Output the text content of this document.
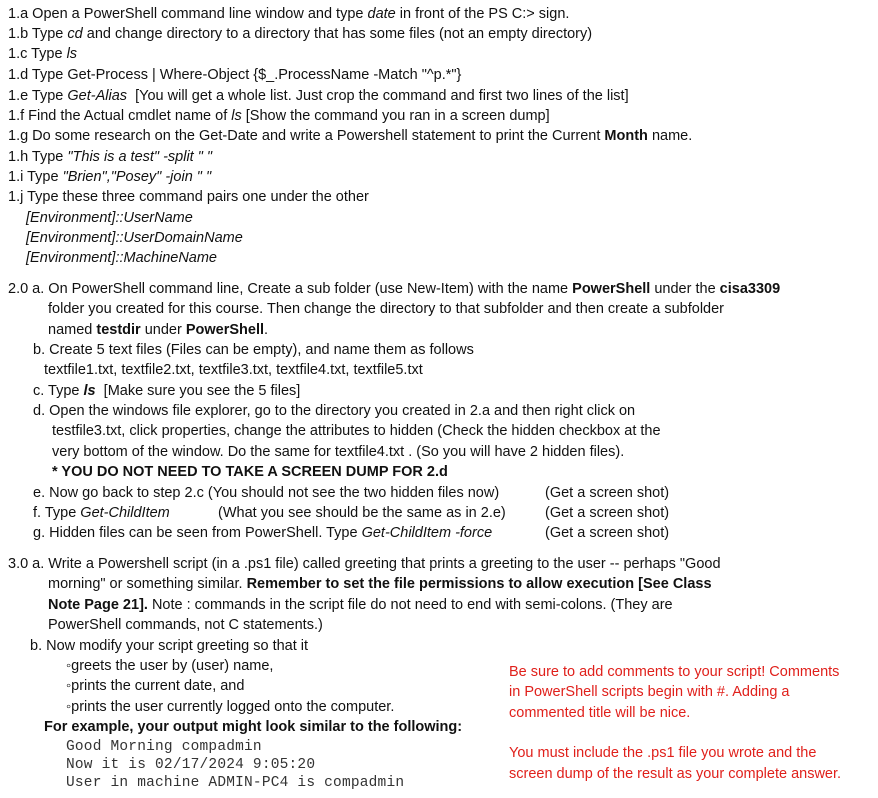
1.a Open a PowerShell command line window and type date in front of the PS C:> sign.
1.b Type cd and change directory to a directory that has some files (not an empty directory)
1.c Type ls
1.d Type Get-Process | Where-Object {$_.ProcessName -Match "^p.*"}
1.e Type Get-Alias [You will get a whole list. Just crop the command and first two lines of the list]
1.f Find the Actual cmdlet name of ls [Show the command you ran in a screen dump]
1.g Do some research on the Get-Date and write a Powershell statement to print the Current Month name.
1.h Type "This is a test" -split " "
1.i Type "Brien","Posey" -join " "
1.j Type these three command pairs one under the other
[Environment]::UserName
[Environment]::UserDomainName
[Environment]::MachineName
2.0 a. On PowerShell command line, Create a sub folder (use New-Item) with the name PowerShell under the cisa3309
folder you created for this course. Then change the directory to that subfolder and then create a subfolder
named testdir under PowerShell.
b. Create 5 text files (Files can be empty), and name them as follows
textfile1.txt, textfile2.txt, textfile3.txt, textfile4.txt, textfile5.txt
c. Type ls [Make sure you see the 5 files]
d. Open the windows file explorer, go to the directory you created in 2.a and then right click on
testfile3.txt, click properties, change the attributes to hidden (Check the hidden checkbox at the
very bottom of the window. Do the same for textfile4.txt . (So you will have 2 hidden files).
* YOU DO NOT NEED TO TAKE A SCREEN DUMP FOR 2.d
e. Now go back to step 2.c (You should not see the two hidden files now)	(Get a screen shot)
f. Type Get-ChildItem	(What you see should be the same as in 2.e)	(Get a screen shot)
g. Hidden files can be seen from PowerShell. Type Get-ChildItem -force	(Get a screen shot)
3.0 a. Write a Powershell script (in a .ps1 file) called greeting that prints a greeting to the user -- perhaps "Good
morning" or something similar. Remember to set the file permissions to allow execution [See Class
Note Page 21]. Note : commands in the script file do not need to end with semi-colons. (They are
PowerShell commands, not C statements.)
b. Now modify your script greeting so that it
◦greets the user by (user) name,
◦prints the current date, and
◦prints the user currently logged onto the computer.
For example, your output might look similar to the following:
Good Morning compadmin
Now it is 02/17/2024 9:05:20
User in machine ADMIN-PC4 is compadmin
Be sure to add comments to your script! Comments
in PowerShell scripts begin with #. Adding a
commented title will be nice.
You must include the .ps1 file you wrote and the
screen dump of the result as your complete answer.
